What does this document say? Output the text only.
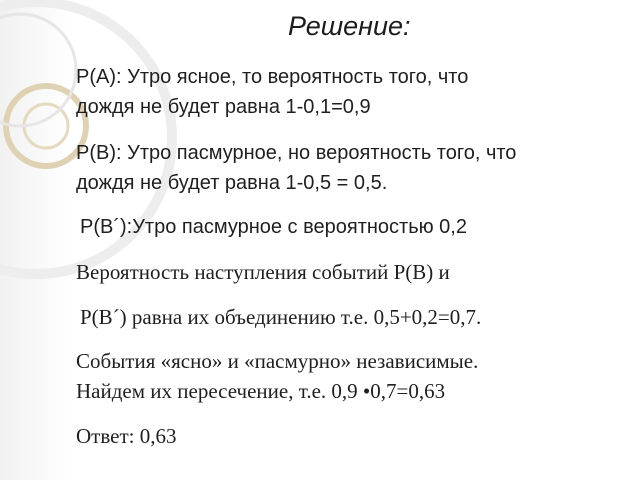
Решение:
Р(А): Утро ясное, то вероятность того, что
дождя не будет равна 1-0,1=0,9
Р(В): Утро пасмурное, но вероятность того, что
дождя не будет равна 1-0,5 = 0,5.
Р(В´):Утро пасмурное с вероятностью 0,2
Вероятность наступления событий Р(В) и
Р(В´) равна их объединению т.е. 0,5+0,2=0,7.
События «ясно» и «пасмурно» независимые.
Найдем их пересечение, т.е. 0,9 •0,7=0,63
Ответ: 0,63
